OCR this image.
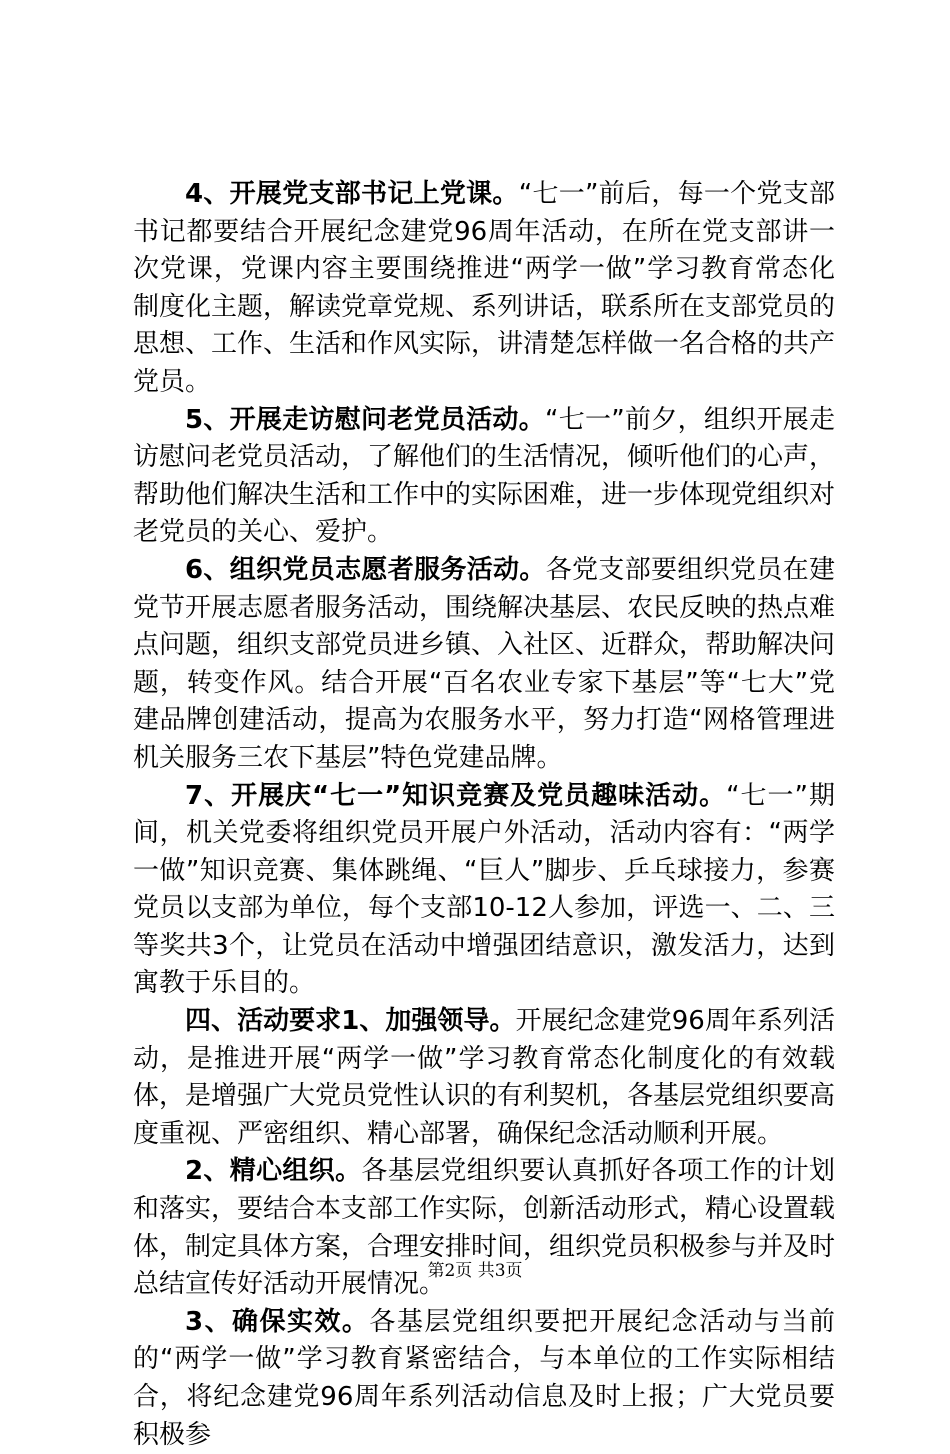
4、开展党支部书记上党课。“七一”前后，每一个党支部书记都要结合开展纪念建党96周年活动，在所在党支部讲一次党课，党课内容主要围绕推进“两学一做”学习教育常态化制度化主题，解读党章党规、系列讲话，联系所在支部党员的思想、工作、生活和作风实际，讲清楚怎样做一名合格的共产党员。

5、开展走访慰问老党员活动。“七一”前夕，组织开展走访慰问老党员活动，了解他们的生活情况，倾听他们的心声，帮助他们解决生活和工作中的实际困难，进一步体现党组织对老党员的关心、爱护。

6、组织党员志愿者服务活动。各党支部要组织党员在建党节开展志愿者服务活动，围绕解决基层、农民反映的热点难点问题，组织支部党员进乡镇、入社区、近群众，帮助解决问题，转变作风。结合开展“百名农业专家下基层”等“七大”党建品牌创建活动，提高为农服务水平，努力打造“网格管理进机关服务三农下基层”特色党建品牌。

7、开展庆“七一”知识竞赛及党员趣味活动。“七一”期间，机关党委将组织党员开展户外活动，活动内容有：“两学一做”知识竞赛、集体跳绳、“巨人”脚步、乒乓球接力，参赛党员以支部为单位，每个支部10-12人参加，评选一、二、三等奖共3个，让党员在活动中增强团结意识，激发活力，达到寓教于乐目的。

四、活动要求1、加强领导。开展纪念建党96周年系列活动，是推进开展“两学一做”学习教育常态化制度化的有效载体，是增强广大党员党性认识的有利契机，各基层党组织要高度重视、严密组织、精心部署，确保纪念活动顺利开展。

2、精心组织。各基层党组织要认真抓好各项工作的计划和落实，要结合本支部工作实际，创新活动形式，精心设置载体，制定具体方案，合理安排时间，组织党员积极参与并及时总结宣传好活动开展情况。

3、确保实效。各基层党组织要把开展纪念活动与当前的“两学一做”学习教育紧密结合，与本单位的工作实际相结合，将纪念建党96周年系列活动信息及时上报；广大党员要积极参

第2页 共3页
